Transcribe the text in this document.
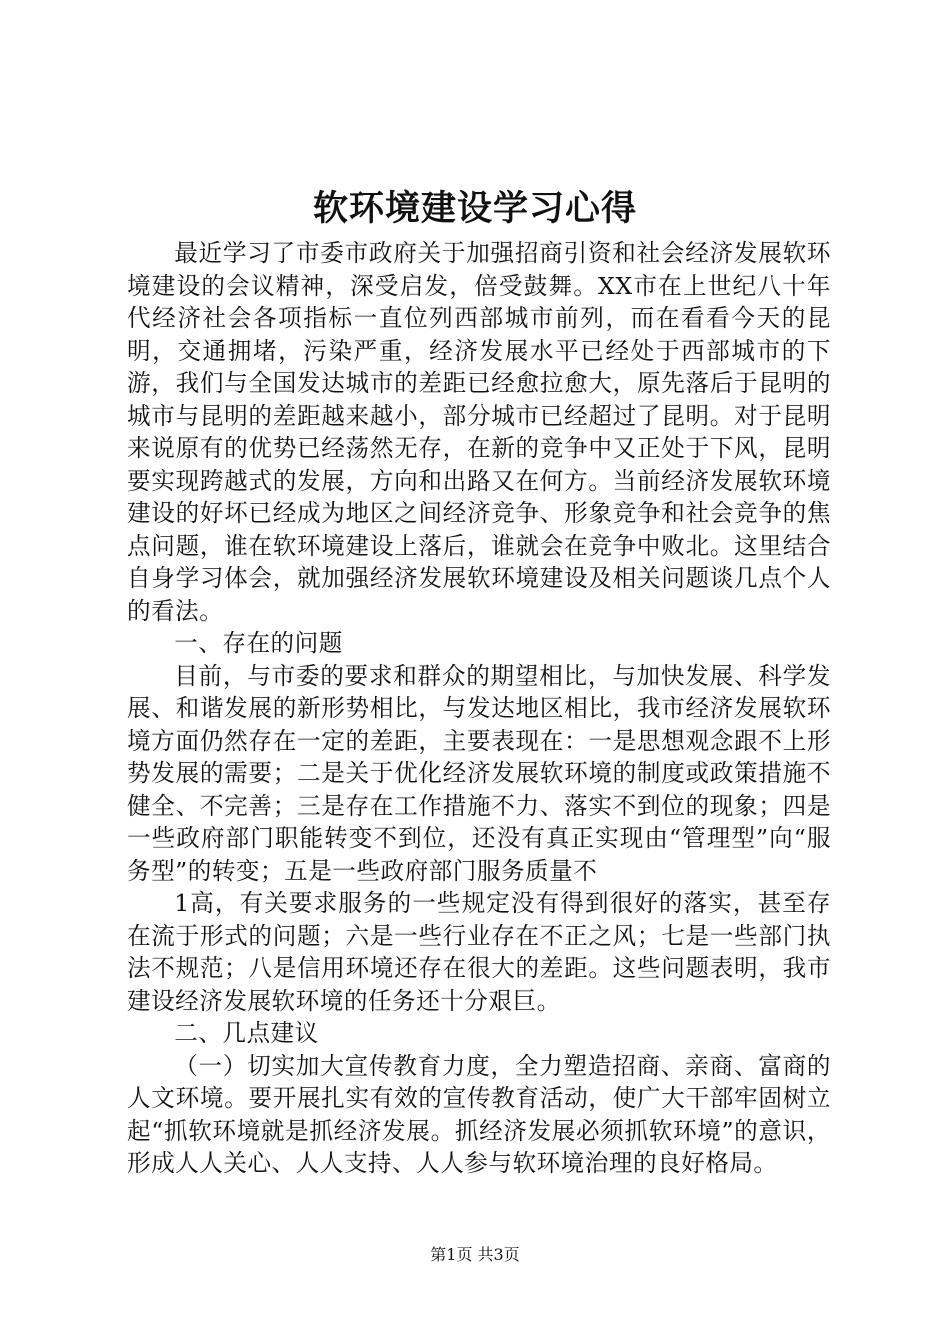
软环境建设学习心得

最近学习了市委市政府关于加强招商引资和社会经济发展软环境建设的会议精神，深受启发，倍受鼓舞。XX市在上世纪八十年代经济社会各项指标一直位列西部城市前列，而在看看今天的昆明，交通拥堵，污染严重，经济发展水平已经处于西部城市的下游，我们与全国发达城市的差距已经愈拉愈大，原先落后于昆明的城市与昆明的差距越来越小，部分城市已经超过了昆明。对于昆明来说原有的优势已经荡然无存，在新的竞争中又正处于下风，昆明要实现跨越式的发展，方向和出路又在何方。当前经济发展软环境建设的好坏已经成为地区之间经济竞争、形象竞争和社会竞争的焦点问题，谁在软环境建设上落后，谁就会在竞争中败北。这里结合自身学习体会，就加强经济发展软环境建设及相关问题谈几点个人的看法。

一、存在的问题

目前，与市委的要求和群众的期望相比，与加快发展、科学发展、和谐发展的新形势相比，与发达地区相比，我市经济发展软环境方面仍然存在一定的差距，主要表现在：一是思想观念跟不上形势发展的需要；二是关于优化经济发展软环境的制度或政策措施不健全、不完善；三是存在工作措施不力、落实不到位的现象；四是一些政府部门职能转变不到位，还没有真正实现由“管理型”向“服务型”的转变；五是一些政府部门服务质量不

1高，有关要求服务的一些规定没有得到很好的落实，甚至存在流于形式的问题；六是一些行业存在不正之风；七是一些部门执法不规范；八是信用环境还存在很大的差距。这些问题表明，我市建设经济发展软环境的任务还十分艰巨。

二、几点建议

（一）切实加大宣传教育力度，全力塑造招商、亲商、富商的人文环境。要开展扎实有效的宣传教育活动，使广大干部牢固树立起“抓软环境就是抓经济发展。抓经济发展必须抓软环境”的意识，形成人人关心、人人支持、人人参与软环境治理的良好格局。

第1页 共3页
